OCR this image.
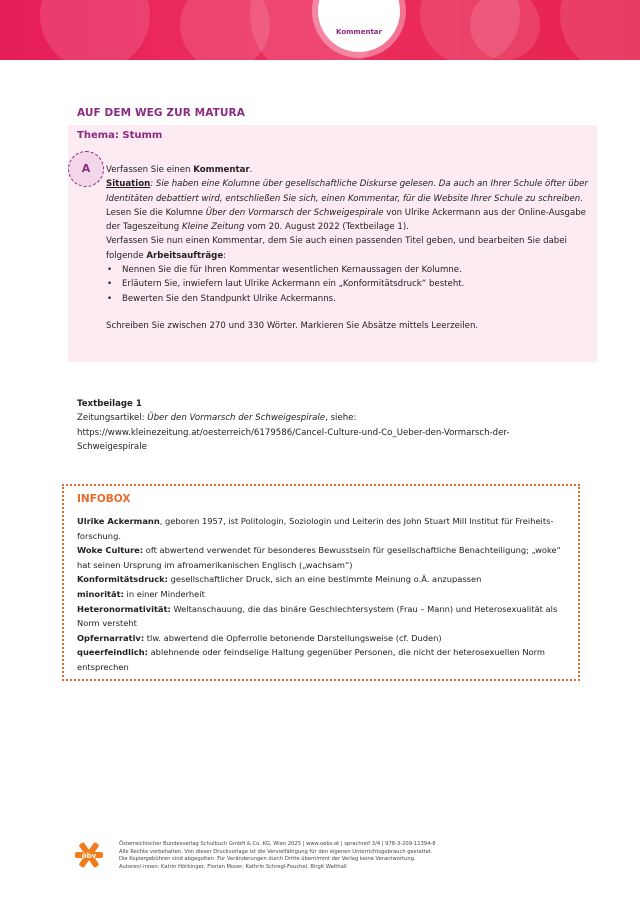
Kommentar
AUF DEM WEG ZUR MATURA
Thema: Stumm
A	Verfassen Sie einen Kommentar.

Situation: Sie haben eine Kolumne über gesellschaftliche Diskurse gelesen. Da auch an Ihrer Schule öfter über Identitäten debattiert wird, entschließen Sie sich, einen Kommentar, für die Website Ihrer Schule zu schreiben.

Lesen Sie die Kolumne Über den Vormarsch der Schweigespirale von Ulrike Ackermann aus der Online-Ausgabe der Tageszeitung Kleine Zeitung vom 20. August 2022 (Textbeilage 1).

Verfassen Sie nun einen Kommentar, dem Sie auch einen passenden Titel geben, und bearbeiten Sie dabei folgende Arbeitsaufträge:

• Nennen Sie die für Ihren Kommentar wesentlichen Kernaussagen der Kolumne.
• Erläutern Sie, inwiefern laut Ulrike Ackermann ein „Konformitätsdruck“ besteht.
• Bewerten Sie den Standpunkt Ulrike Ackermanns.

Schreiben Sie zwischen 270 und 330 Wörter. Markieren Sie Absätze mittels Leerzeilen.

Textbeilage 1

Zeitungsartikel: Über den Vormarsch der Schweigespirale, siehe:

https://www.kleinezeitung.at/oesterreich/6179586/Cancel-Culture-und-Co_Ueber-den-Vormarsch-der-

Schweigespirale

INFOBOX

Ulrike Ackermann, geboren 1957, ist Politologin, Soziologin und Leiterin des John Stuart Mill Institut für Freiheits-forschung.

Woke Culture: oft abwertend verwendet für besonderes Bewusstsein für gesellschaftliche Benachteiligung; „woke“ hat seinen Ursprung im afroamerikanischen Englisch („wachsam“)

Konformitätsdruck: gesellschaftlicher Druck, sich an eine bestimmte Meinung o.Ä. anzupassen

minorität: in einer Minderheit

Heteronormativität: Weltanschauung, die das binäre Geschlechtersystem (Frau – Mann) und Heterosexualität als Norm versteht

Opfernarrativ: tlw. abwertend die Opferrolle betonende Darstellungsweise (cf. Duden)

queerfeindlich: ablehnende oder feindselige Haltung gegenüber Personen, die nicht der heterosexuellen Norm entsprechen

öbv

Österreichischer Bundesverlag Schulbuch GmbH & Co. KG, Wien 2025 | www.oebv.at | sprachreif 3/4 | 978-3-209-11394-8

Alle Rechte vorbehalten. Von dieser Druckvorlage ist die Vervielfältigung für den eigenen Unterrichtsgebrauch gestattet.

Die Kopiergebühren sind abgegolten. Für Veränderungen durch Dritte übernimmt der Verlag keine Verantwortung.

Autoren/-innen: Katrin Hörbinger, Florian Moser, Kathrin Schregl-Fouchel, Birgit Walthall
